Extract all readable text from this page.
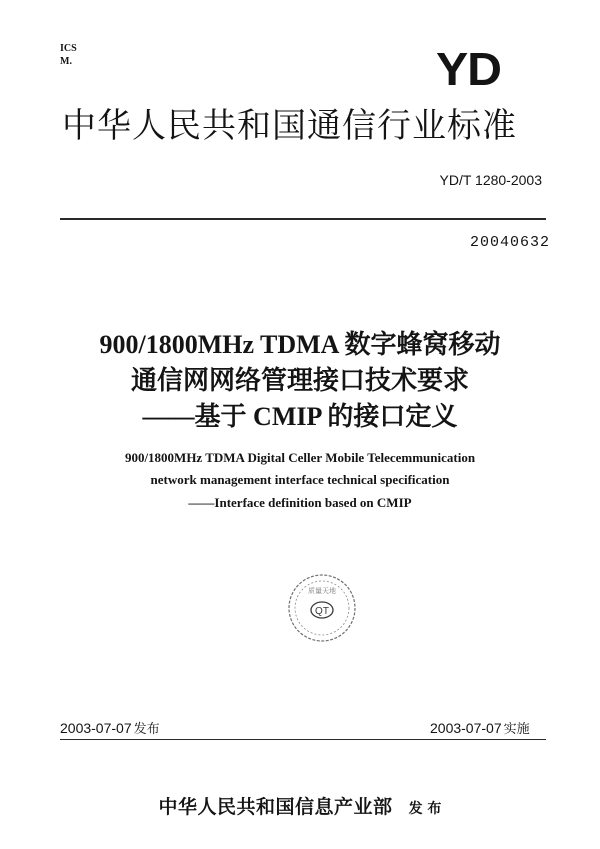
ICS
M.	YD
中华人民共和国通信行业标准
YD/T 1280-2003
20040632
900/1800MHz TDMA 数字蜂窝移动
通信网网络管理接口技术要求
——基于 CMIP 的接口定义
900/1800MHz TDMA Digital Celler Mobile Telecemmunication
network management interface technical specification
——Interface definition based on CMIP
QT
质量天地
2003-07-07 发布	2003-07-07 实施
中华人民共和国信息产业部 发 布
